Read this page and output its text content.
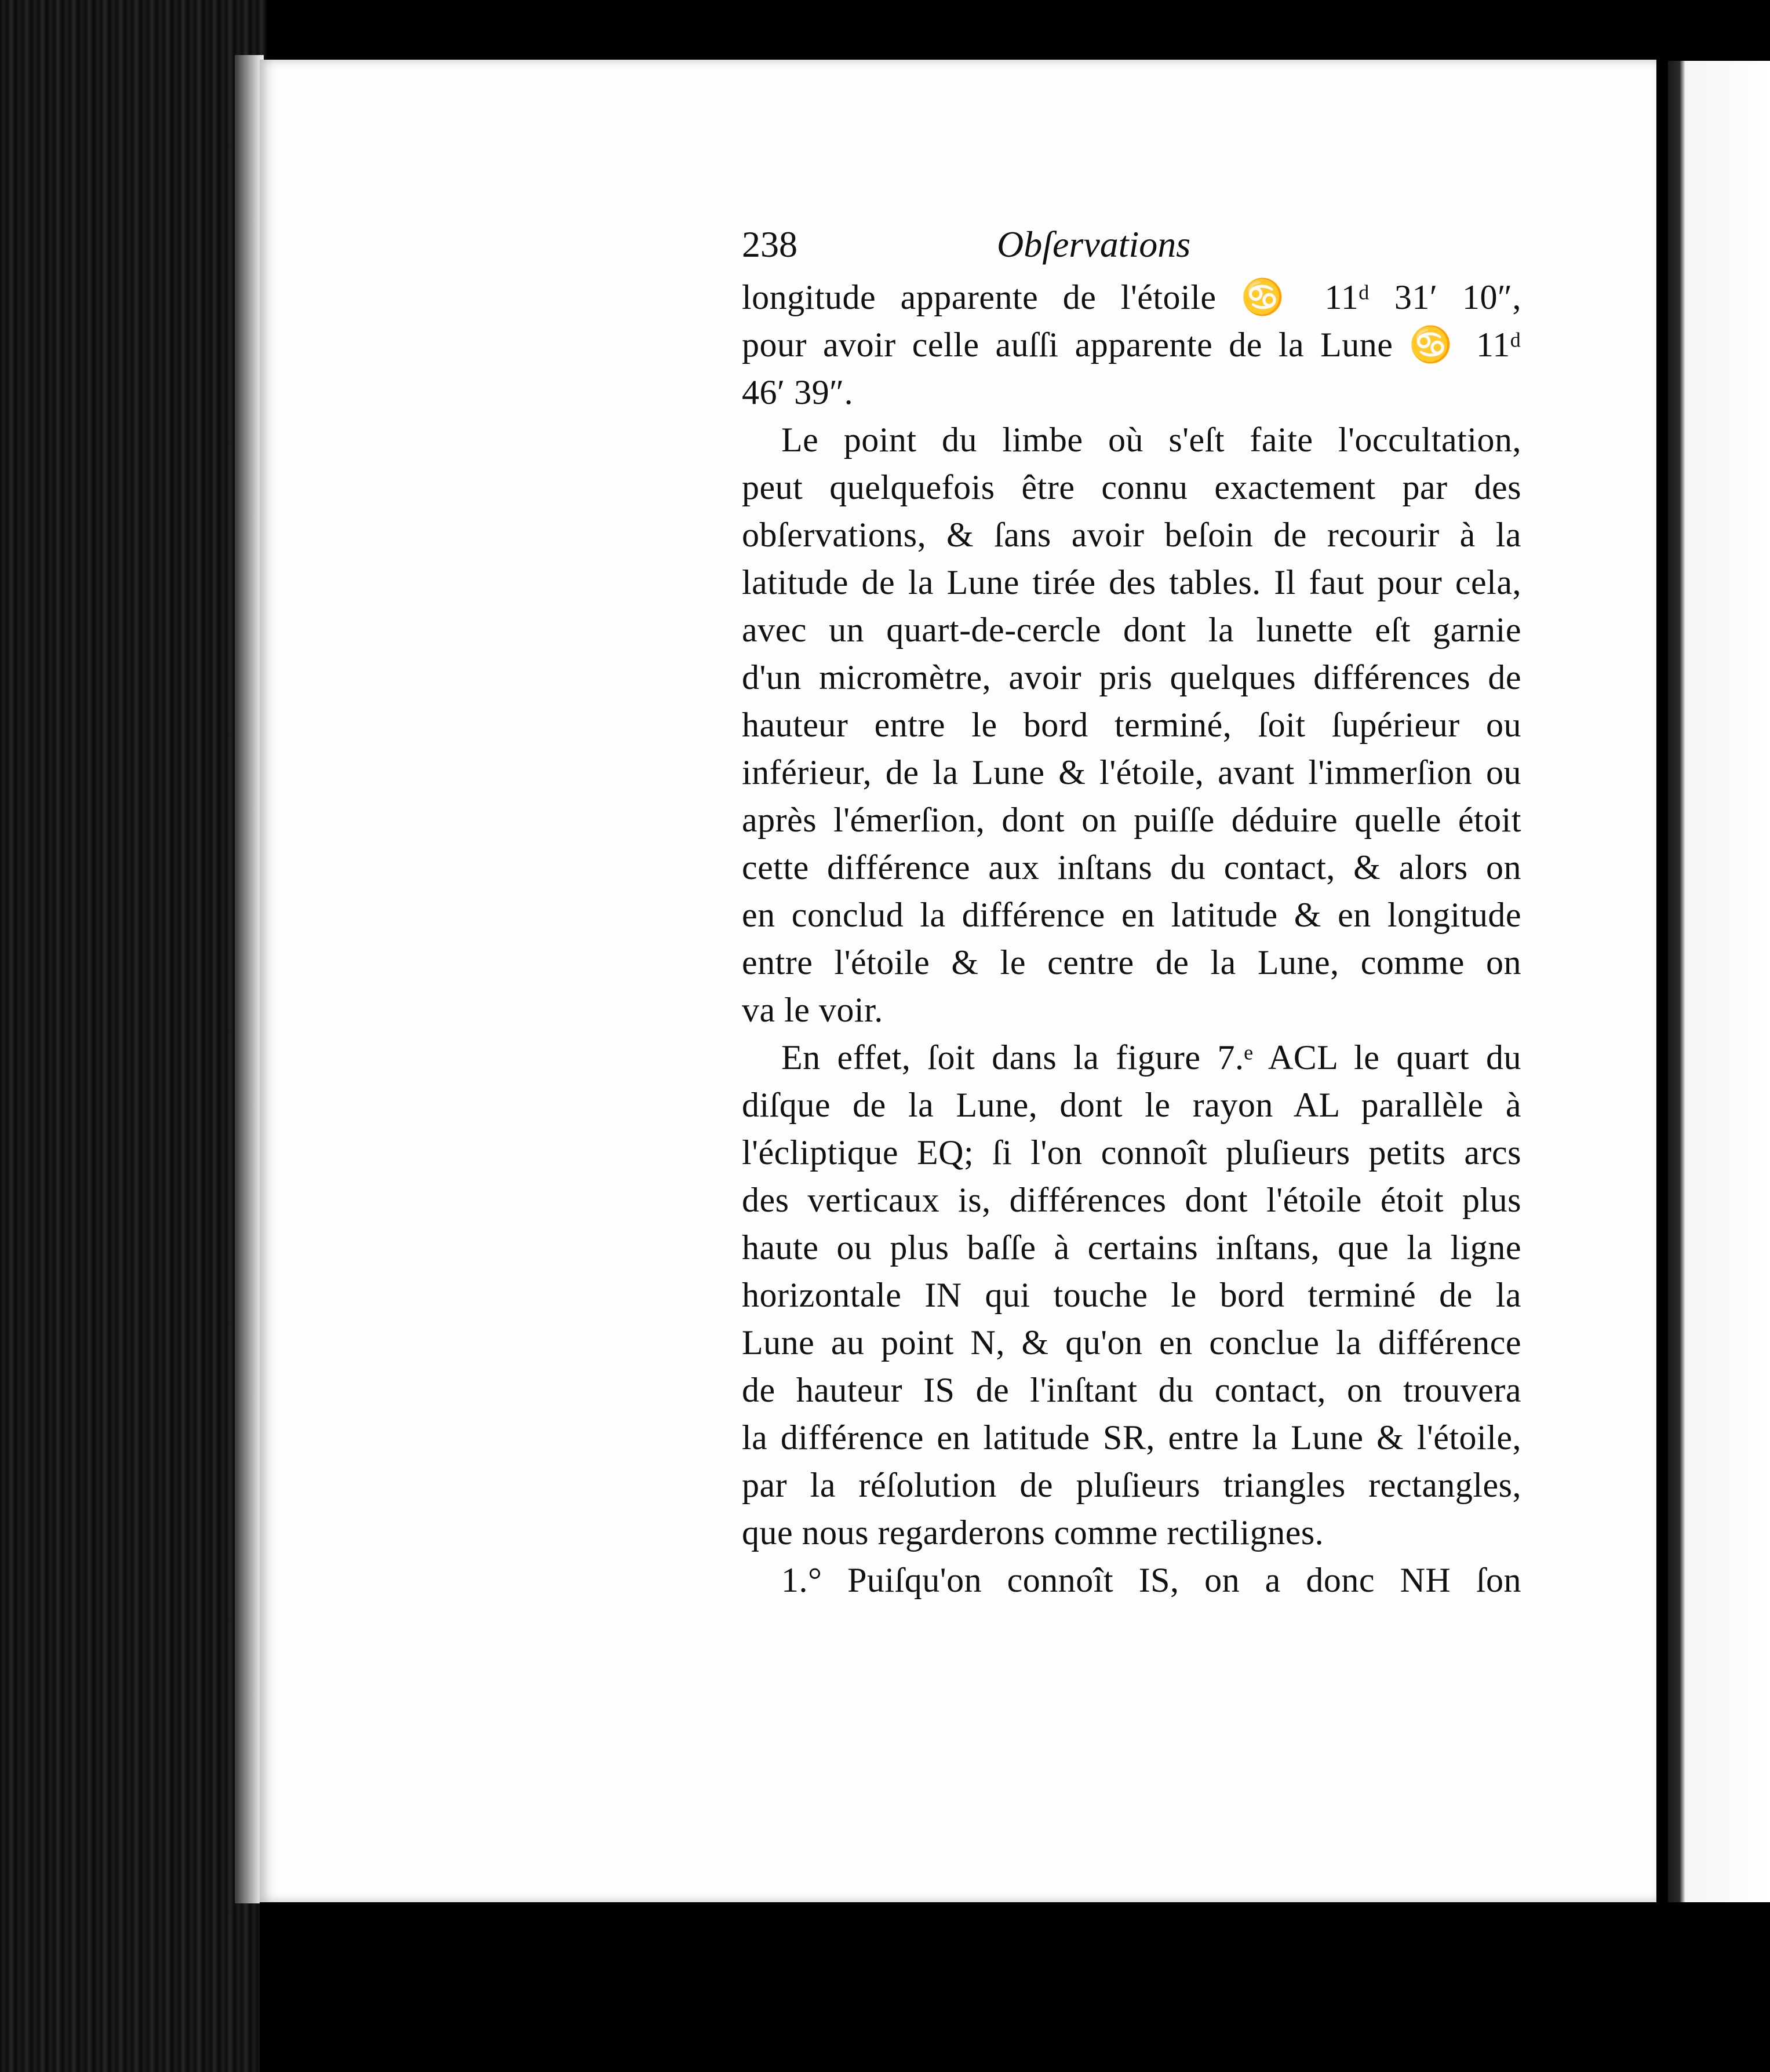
238	Obſervations
longitude apparente de l'étoile ♋ 11ᵈ 31′ 10″,
pour avoir celle auſſi apparente de la Lune ♋ 11ᵈ
46′ 39″.
Le point du limbe où s'eſt faite l'occultation,
peut quelquefois être connu exactement par des
obſervations, & ſans avoir beſoin de recourir à la
latitude de la Lune tirée des tables. Il faut pour cela,
avec un quart-de-cercle dont la lunette eſt garnie
d'un micromètre, avoir pris quelques différences de
hauteur entre le bord terminé, ſoit ſupérieur ou
inférieur, de la Lune & l'étoile, avant l'immerſion ou
après l'émerſion, dont on puiſſe déduire quelle étoit
cette différence aux inſtans du contact, & alors on
en conclud la différence en latitude & en longitude
entre l'étoile & le centre de la Lune, comme on
va le voir.
En effet, ſoit dans la figure 7.ᵉ ACL le quart du
diſque de la Lune, dont le rayon AL parallèle à
l'écliptique EQ; ſi l'on connoît pluſieurs petits arcs
des verticaux is, différences dont l'étoile étoit plus
haute ou plus baſſe à certains inſtans, que la ligne
horizontale IN qui touche le bord terminé de la
Lune au point N, & qu'on en conclue la différence
de hauteur IS de l'inſtant du contact, on trouvera
la différence en latitude SR, entre la Lune & l'étoile,
par la réſolution de pluſieurs triangles rectangles,
que nous regarderons comme rectilignes.
1.° Puiſqu'on connoît IS, on a donc NH ſon
